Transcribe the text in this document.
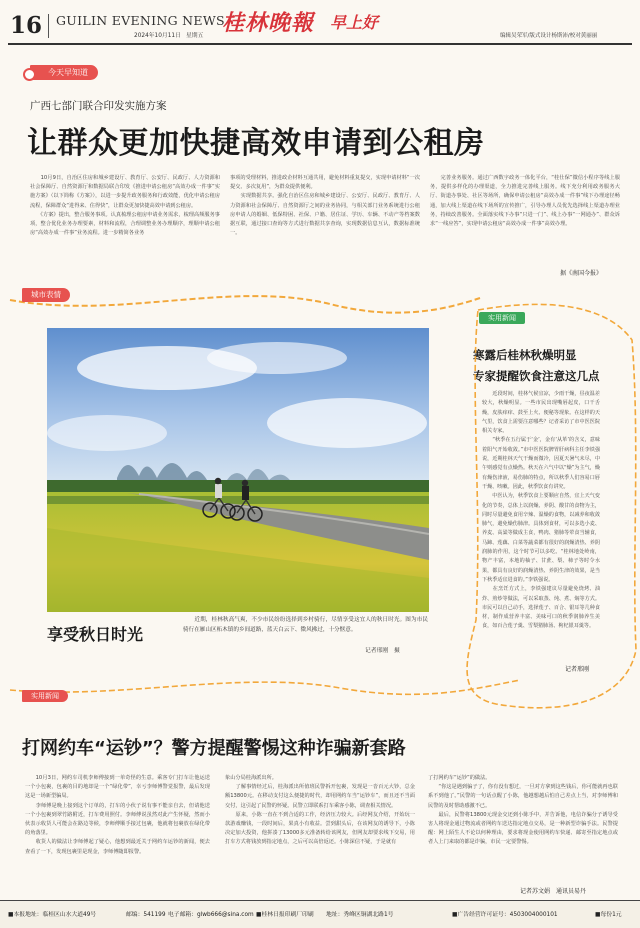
16 GUILIN EVENING NEWS
2024年10月11日 星期五 桂林晚報 早上好
编辑吴荣军/版式设计杨斯沛/校对黄丽丽
今天早知道
广西七部门联合印发实施方案
让群众更加快捷高效申请到公租房
　　10月9日，自治区住房和城乡建设厅、教育厅、公安厅、民政厅、人力资源和社会保障厅、自然资源厅和数据局联合印发《推进申请公租房“高效办成一件事”实施方案》（以下简称《方案》），以进一步提升政务服务和行政效能，优化申请公租房流程，保障群众“进得来、住得快”，让群众更加快捷高效申请到公租房。
　　《方案》提出，整合服务事项。认真梳理公租房申请业务需求，梳理高频服务事项，整合优化业务办理要素，材料和流程，合理调整业务办理顺序，理顺申请公租房“高效办成一件事”业务流程。进一步精简各业务
事项的受理材料，推进政企材料互通共用，避免材料重复提交，实现申请材料“一次提交、多次复用”，为群众提供便利。
　　实现数据共享。强化自治区住房和城乡建设厅、公安厅、民政厅、教育厅、人力资源和社会保障厅、自然资源厅之间的业务协同，与相关部门业务系统进行公租房申请人的婚姻、低保特困、社保、户籍、居住证、学历、车辆、不动产等档案数据互联，通过接口查询等方式进行数据共享查询，实现数据信息互认，数据标准统一。
　　完善业务服务。通过广西数字政务一体化平台，“桂仕保”微信小程序等线上服务，提供多样化的办理渠道，全力推进完善线上服务。线下充分利用政务服务大厅、街道办事处、社区等场所，确保申请公租房“高效办成一件事”线下办理途径畅通，加大线上渠道在线下场所的宣传推广，引导办理人员优先选择线上渠道办理业务，持续改善服务。全面落实线下办事“只进一门”、线上办事“一网通办”、群众诉求“一线应答”，实现申请公租房“高效办成一件事”高效办理。
据《南国今报》
城市表情
享受秋日时光
　　近期，桂林秋高气爽，不少市民纷纷选择到乡村骑行，尽情享受这宜人的秋日时光。图为市民骑行在雁山区柘木镇的乡间道路，蓝天白云下、微风拂过，十分惬意。
记者邢刚　摄
实用新闻
寒露后桂林秋燥明显
专家提醒饮食注意这几点
　　近段时间，桂林气候宜凉，少雨干燥，昼夜温差较大，秋燥明显。一些市民出现嘴唇起皮，口干舌燥，皮肤痒痒、鼓至上火、便秘等现象。在这样的天气里，饮食上需要注意哪些？记者采访了市中医医院相关专家。
　　“秋季在五行属于‘金’，金有‘从革’的含义，意味着阳气开始收敛。”市中医医院脾胃肝病科主任李铁强说，近期桂林天气干燥而微冷，因夏天暑气未尽，中午则感觉有点燥热。秋天在六气中以“燥”为主气，燥有燥伤津液，易伤肺的特点，所以秋季人们容易口唇干燥、咳嗽。因此，秋季饮食有讲究。
　　中医认为，秋季饮食上要顺应自然，宜上天气变化的节奏，总体上以润燥、养阴、酸甘的食物为主，同时尽量避免食用辛辣、温燥的食物，以减养和收敛肺气，避免燥伤肺津。具体到食材，可以多选小麦、养麦、高粱等做成主食，鸭肉、猪肺等荤食当辅食，马蹄、莲藕、白菜等蔬菜都有很好的润燥清热、养阴润肺的作用，这个时节可以多吃。“桂林地处岭南，物产丰富，本地的柚子、甘蔗、梨、柿子等时令水果，都具有良好的润燥清热、养阴生津的效果，是当下秋季适宜进食的。”李铁强说。
　　在烹饪方式上，李铁强建议尽量避免烧烤、油炸、煎炒等做法，可以采取蒸、炖、煮、焖等方式。市民可以自己动手，选择莲子、百合、银耳等几种食材，制作成营养丰富、美味可口的秋季润肺养生美食，如百合莲子羹、雪梨猪肺汤、枸杞银耳羹等。
记者邢刚
实用新闻
打网约车“运钞”？警方提醒警惕这种诈骗新套路
　　10月3日，网约车司机李师傅接到一单奇怪的生意。乘客专门打车让他运送一个小包裹，包裹的目的地却是一个“绿化带”，幸亏李师傅警觉报警，最后发现这是一场新型骗局。
　　李师傅是晚上接到这个订单的，打车的小伙子说有事不能亲自去，但请他送一个小包裹到翠竹路附近，打车费用照付。李师傅说虽然对此产生怀疑，然而小伙表示收货人可能会在路边等候，李师傅顺手接过包裹，他就将包裹放在绿化带的角落里。
　　收货人的做法让李师傅起了疑心，他想到最近关于网约车运钞的新闻，便去查看了一下，发现包裹里是现金，李师傅随即报警。
象山分局桂海派出所。
　　了解事情经过后，桂海派出所值班民警拆开包裹，发现是一沓百元大钞，总金额13800元。在移动支付这么便捷的时代，却用网约车当“运钞车”，而且还不当面交付，这引起了民警的怀疑。民警立即联系打车乘客小陈，调查相关情况。
　　原来，小陈一直在不到合适的工作，经济压力较大。后经网友介绍，开始玩一款游戏赚钱，一段时间后，果真小有收益。尝到甜头后，在该网友的诱导下，小陈决定加大投资，他拼凑了13000多元准备转给该网友，但网友却要求线下交易，用打车方式将钱放到指定地点，之后可以高倍返还。小陈深信不疑，于是就有
了打网约车“运钞”的做法。
　　“你这是遇到骗子了，你有没有想过，一旦对方拿到这些钱后，你可能就再也联系不到他了。”民警的一句话点醒了小陈，他越想越后怕自己差点上当，对李师傅和民警的及时帮助感激不已。
　　最后，民警将13800元现金交还到小陈手中，并告诉他，电信诈骗分子诱导受害人将现金通过物流或者网约车送达指定地点交易，是一种新型诈骗手法。民警提醒：网上陌生人不论以何种理由，要求将现金使用网约车快递、邮寄至指定地点或者人上门来取的都是诈骗，市民一定要警惕。
记者苏文娟　通讯员易丹
■本报地址：临桂区山水大道49号	邮编：541199 电子邮箱：glwb666@sina.com ■桂林日报印刷厂印刷 地址：秀峰区铜湖北路1号	■广告经营许可证号：4503004000101	■每份1元
